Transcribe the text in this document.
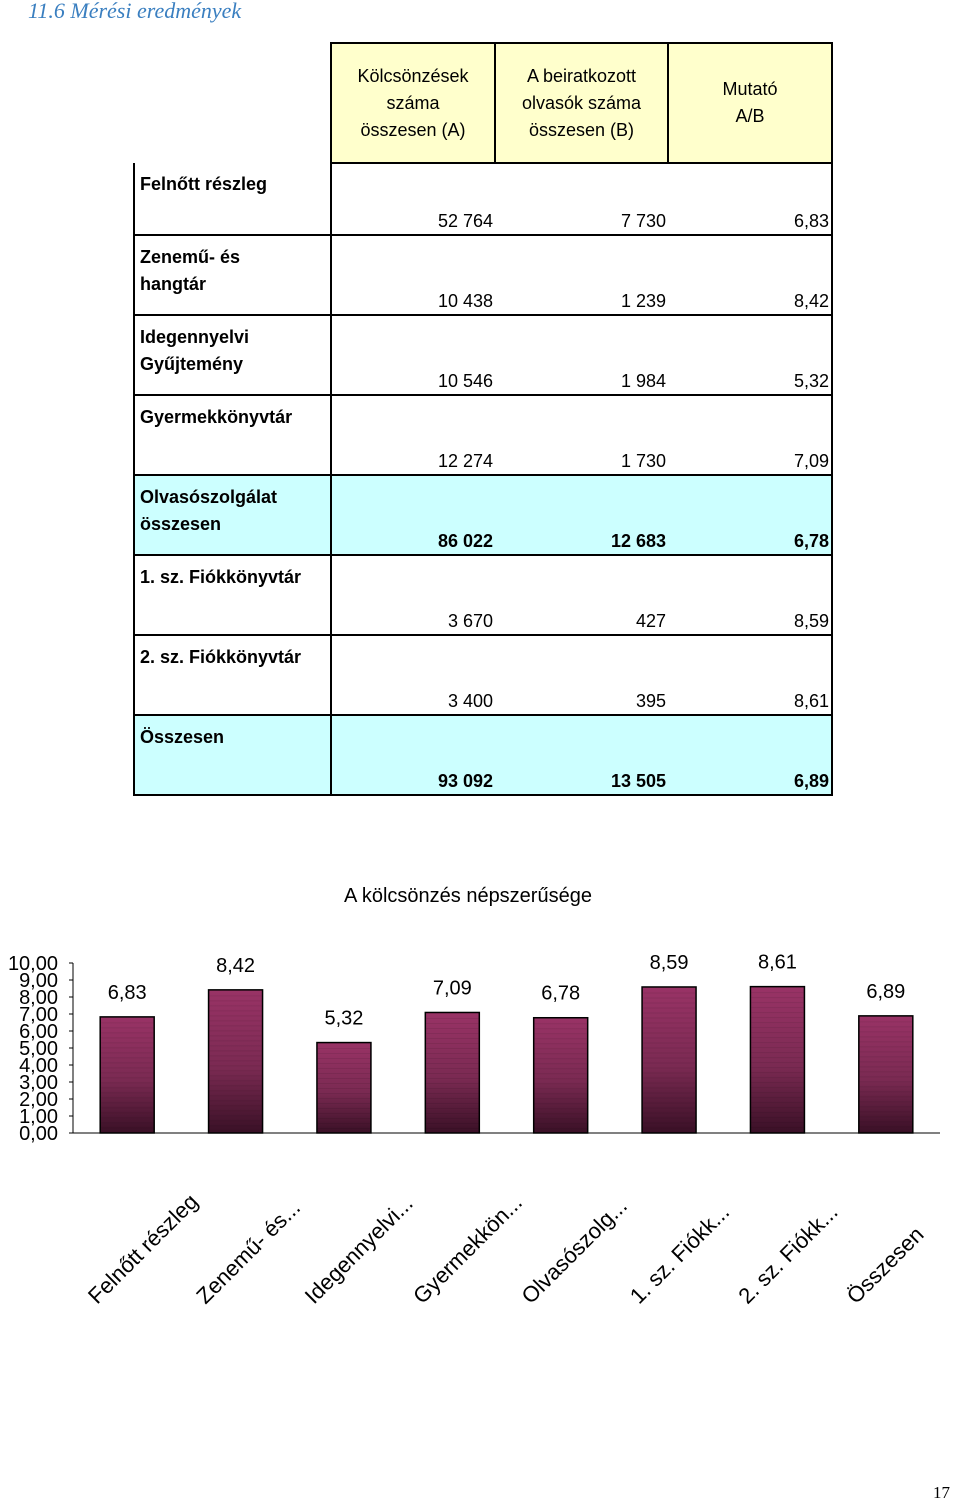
11.6 Mérési eredmények
	Kölcsönzések
száma
összesen (A)	A beiratkozott
olvasók száma
összesen (B)	Mutató
A/B
Felnőtt részleg	52 764	7 730	6,83
Zenemű- és
hangtár	10 438	1 239	8,42
Idegennyelvi
Gyűjtemény	10 546	1 984	5,32
Gyermekkönyvtár	12 274	1 730	7,09
Olvasószolgálat
összesen	86 022	12 683	6,78
1. sz. Fiókkönyvtár	3 670	427	8,59
2. sz. Fiókkönyvtár	3 400	395	8,61
Összesen	93 092	13 505	6,89
A kölcsönzés népszerűsége
0,00
1,00
2,00
3,00
4,00
5,00
6,00
7,00
8,00
9,00
10,00
6,83
Felnőtt részleg
8,42
Zenemű- és...
5,32
Idegennyelvi...
7,09
Gyermekkön...
6,78
Olvasószolg...
8,59
1. sz. Fiókk...
8,61
2. sz. Fiókk...
6,89
Összesen
17
